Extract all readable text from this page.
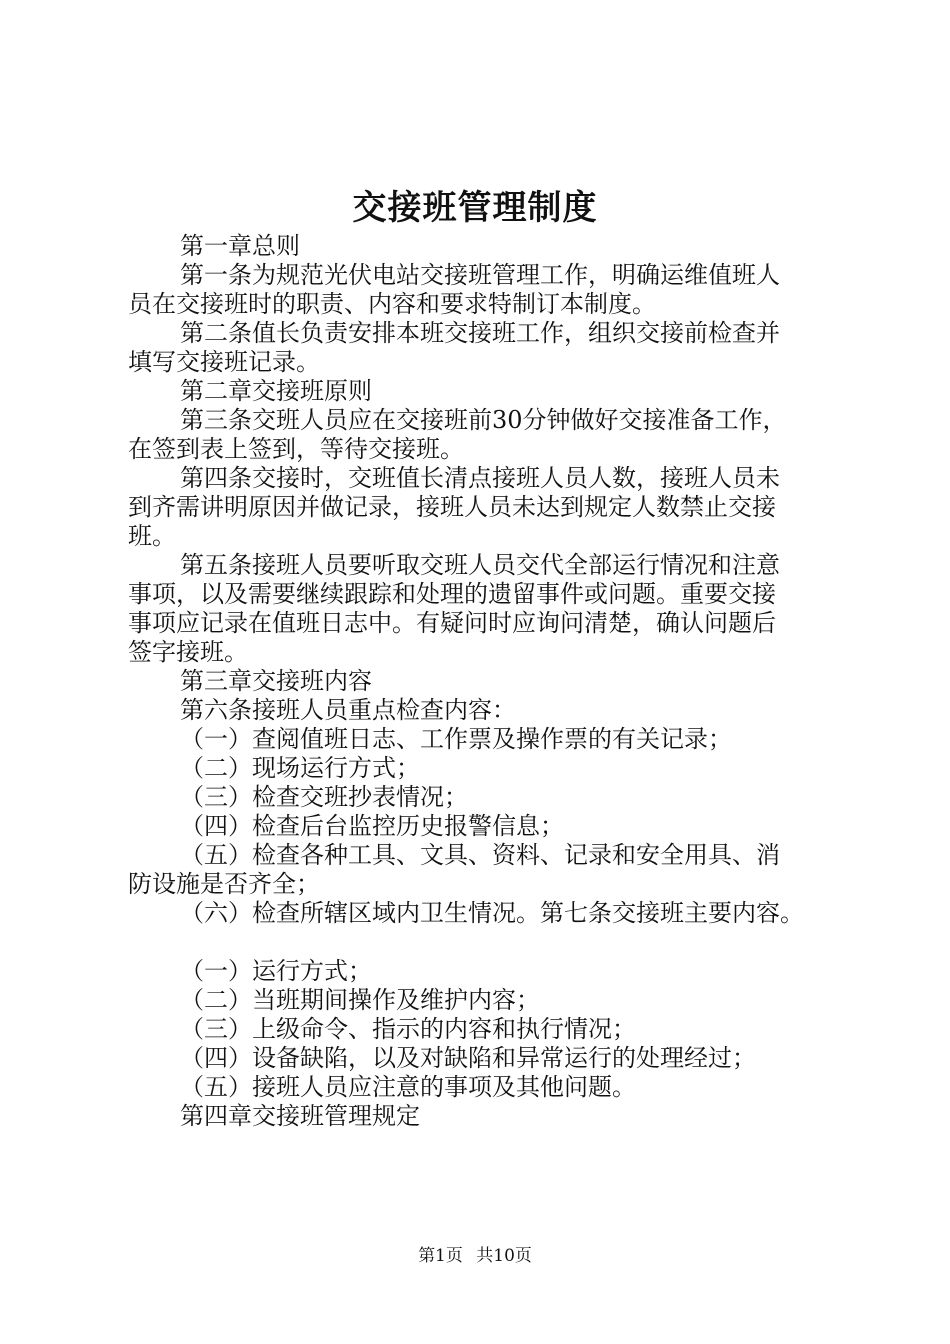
交接班管理制度

第一章总则

第一条为规范光伏电站交接班管理工作，明确运维值班人

员在交接班时的职责、内容和要求特制订本制度。

第二条值长负责安排本班交接班工作，组织交接前检查并

填写交接班记录。

第二章交接班原则

第三条交班人员应在交接班前30分钟做好交接准备工作，

在签到表上签到，等待交接班。

第四条交接时，交班值长清点接班人员人数，接班人员未

到齐需讲明原因并做记录，接班人员未达到规定人数禁止交接

班。

第五条接班人员要听取交班人员交代全部运行情况和注意

事项，以及需要继续跟踪和处理的遗留事件或问题。重要交接

事项应记录在值班日志中。有疑问时应询问清楚，确认问题后

签字接班。

第三章交接班内容

第六条接班人员重点检查内容：

（一）查阅值班日志、工作票及操作票的有关记录；

（二）现场运行方式；

（三）检查交班抄表情况；

（四）检查后台监控历史报警信息；

（五）检查各种工具、文具、资料、记录和安全用具、消

防设施是否齐全；

（六）检查所辖区域内卫生情况。第七条交接班主要内容。

（一）运行方式；

（二）当班期间操作及维护内容；

（三）上级命令、指示的内容和执行情况；

（四）设备缺陷，以及对缺陷和异常运行的处理经过；

（五）接班人员应注意的事项及其他问题。

第四章交接班管理规定

第1页 共10页
